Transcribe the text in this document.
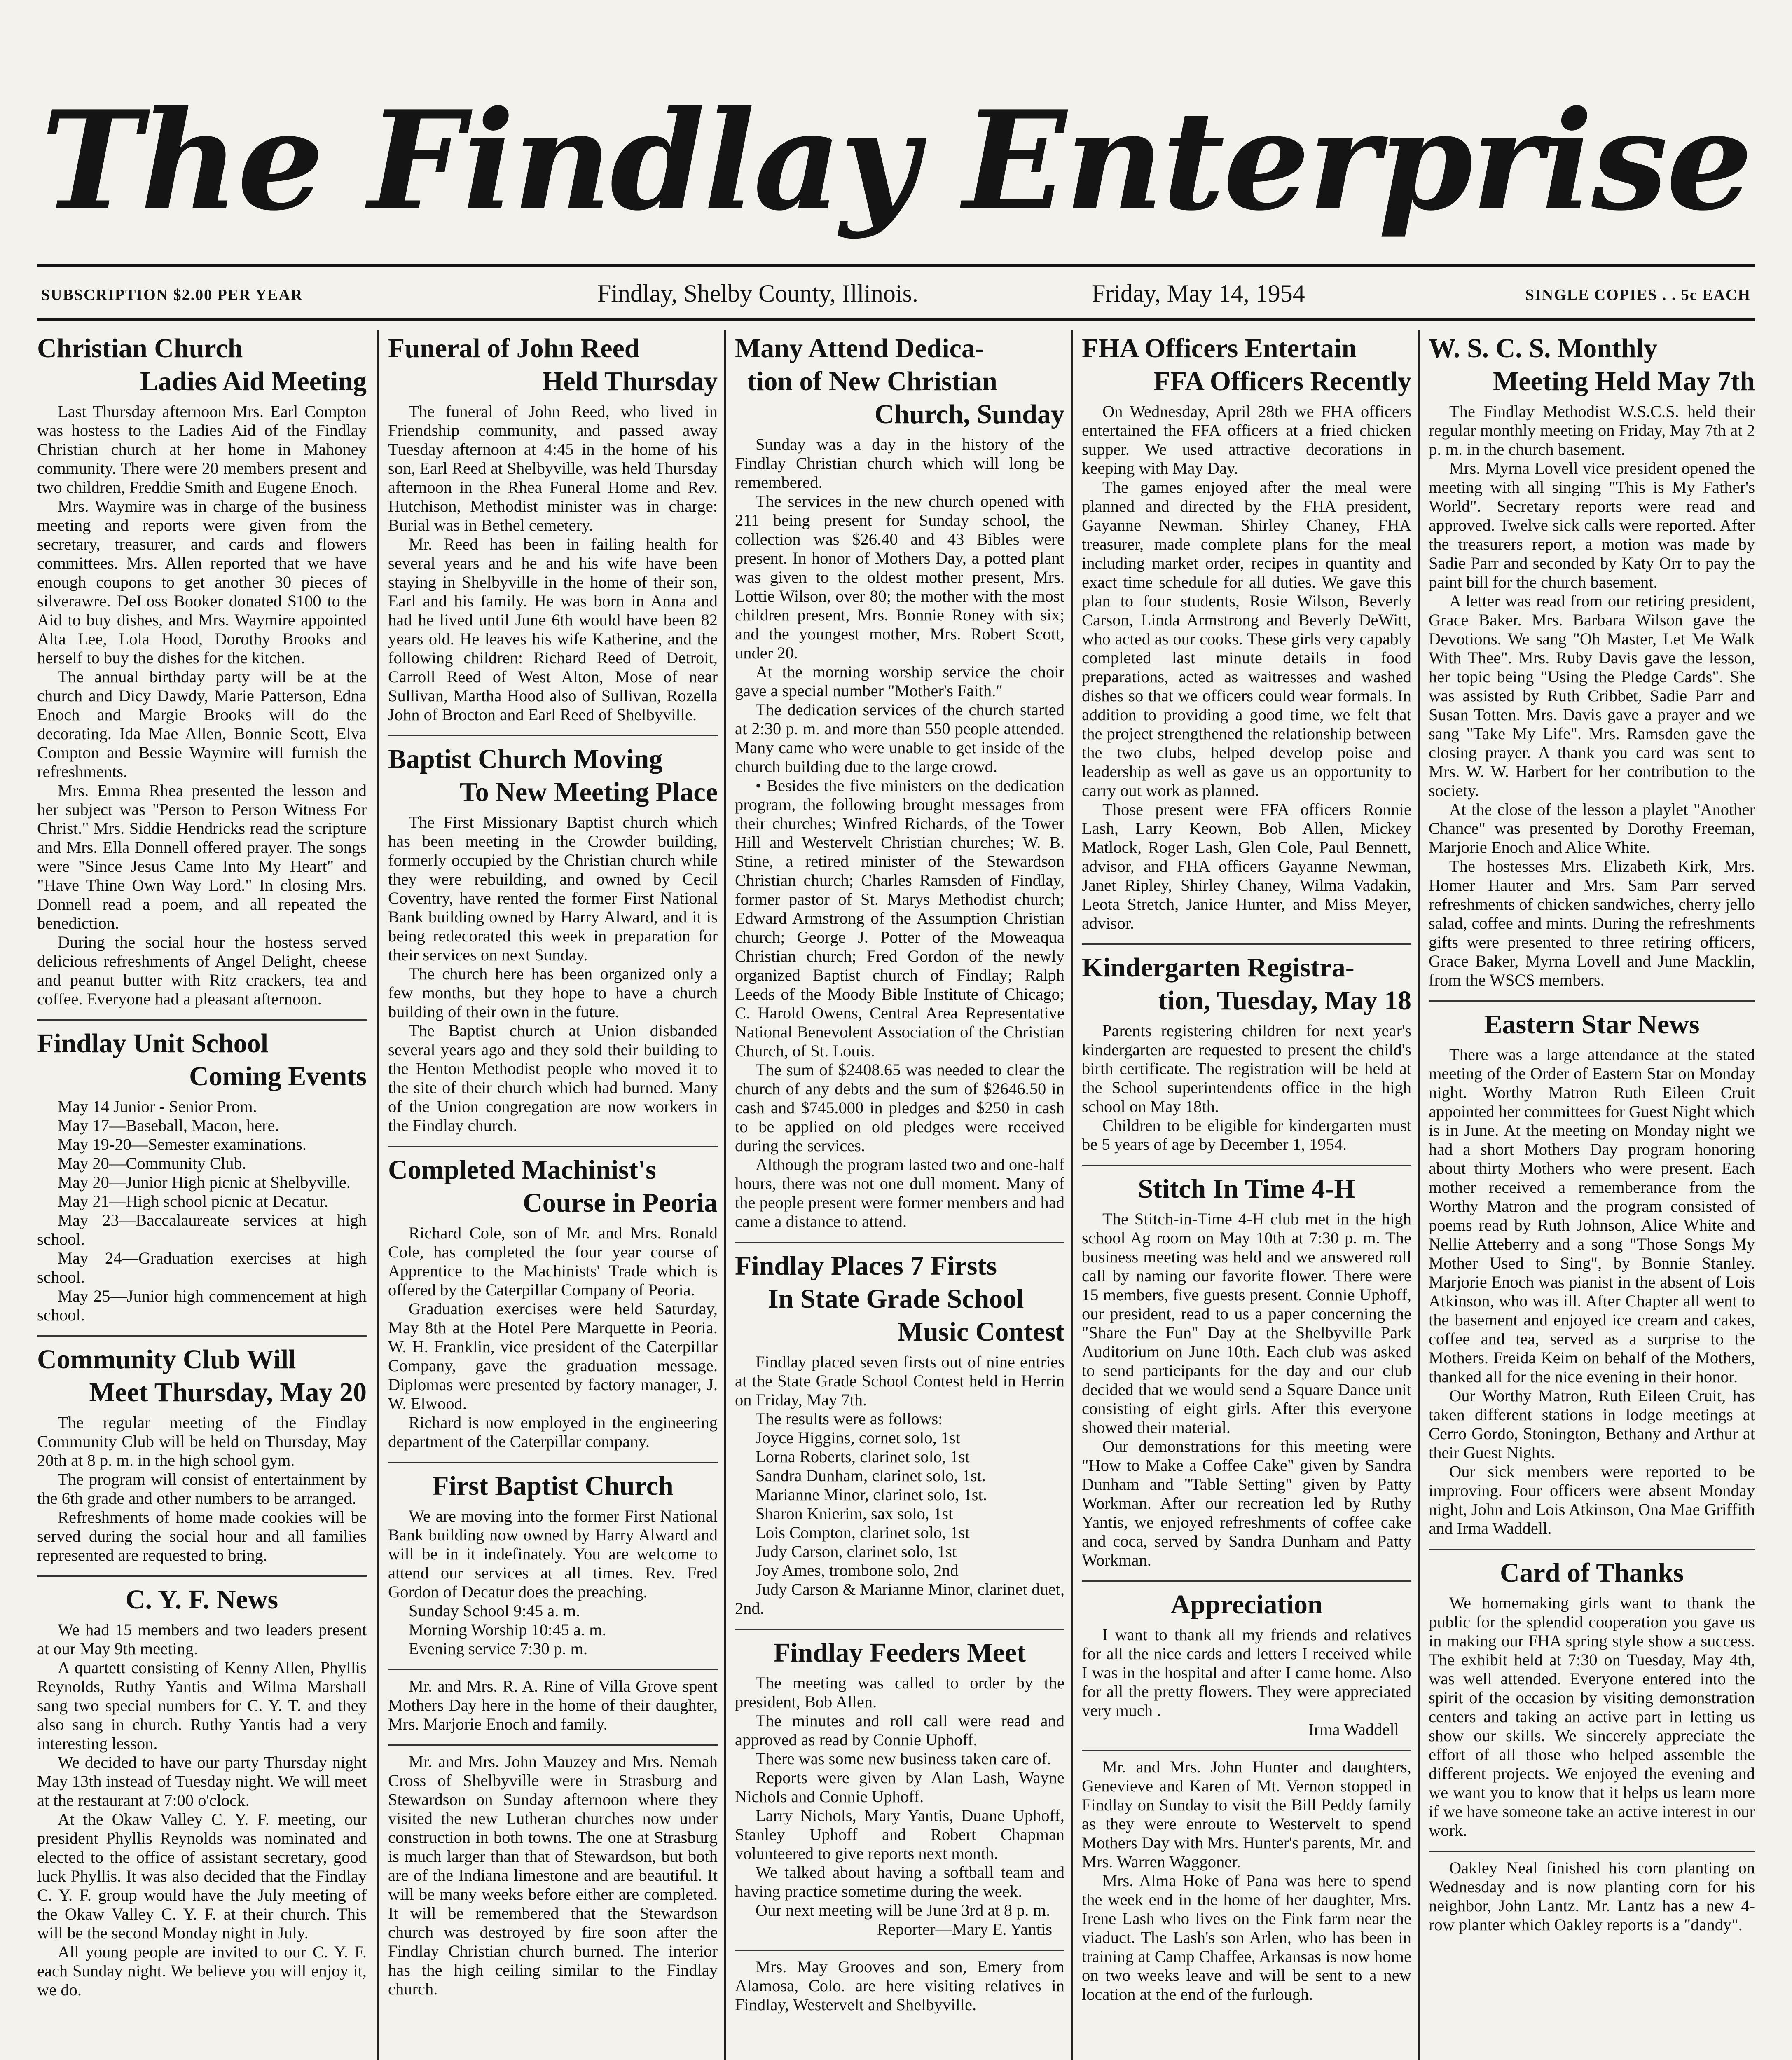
The Findlay Enterprise
SUBSCRIPTION $2.00 PER YEAR	Findlay, Shelby County, Illinois.	Friday, May 14, 1954	SINGLE COPIES . . 5c EACH
Christian Church
Ladies Aid Meeting

Last Thursday afternoon Mrs. Earl Compton was hostess to the Ladies Aid of the Findlay Christian church at her home in Mahoney community. There were 20 members present and two children, Freddie Smith and Eugene Enoch.

Mrs. Waymire was in charge of the business meeting and reports were given from the secretary, treasurer, and cards and flowers committees. Mrs. Allen reported that we have enough coupons to get another 30 pieces of silverawre. DeLoss Booker donated $100 to the Aid to buy dishes, and Mrs. Waymire appointed Alta Lee, Lola Hood, Dorothy Brooks and herself to buy the dishes for the kitchen.

The annual birthday party will be at the church and Dicy Dawdy, Marie Patterson, Edna Enoch and Margie Brooks will do the decorating. Ida Mae Allen, Bonnie Scott, Elva Compton and Bessie Waymire will furnish the refreshments.

Mrs. Emma Rhea presented the lesson and her subject was "Person to Person Witness For Christ." Mrs. Siddie Hendricks read the scripture and Mrs. Ella Donnell offered prayer. The songs were "Since Jesus Came Into My Heart" and "Have Thine Own Way Lord." In closing Mrs. Donnell read a poem, and all repeated the benediction.

During the social hour the hostess served delicious refreshments of Angel Delight, cheese and peanut butter with Ritz crackers, tea and coffee. Everyone had a pleasant afternoon.

Findlay Unit School
Coming Events

May 14 Junior - Senior Prom.

May 17—Baseball, Macon, here.

May 19-20—Semester examinations.

May 20—Community Club.

May 20—Junior High picnic at Shelbyville.

May 21—High school picnic at Decatur.

May 23—Baccalaureate services at high school.

May 24—Graduation exercises at high school.

May 25—Junior high commencement at high school.

Community Club Will
Meet Thursday, May 20

The regular meeting of the Findlay Community Club will be held on Thursday, May 20th at 8 p. m. in the high school gym.

The program will consist of entertainment by the 6th grade and other numbers to be arranged.

Refreshments of home made cookies will be served during the social hour and all families represented are requested to bring.

C. Y. F. News

We had 15 members and two leaders present at our May 9th meeting.

A quartett consisting of Kenny Allen, Phyllis Reynolds, Ruthy Yantis and Wilma Marshall sang two special numbers for C. Y. T. and they also sang in church. Ruthy Yantis had a very interesting lesson.

We decided to have our party Thursday night May 13th instead of Tuesday night. We will meet at the restaurant at 7:00 o'clock.

At the Okaw Valley C. Y. F. meeting, our president Phyllis Reynolds was nominated and elected to the office of assistant secretary, good luck Phyllis. It was also decided that the Findlay C. Y. F. group would have the July meeting of the Okaw Valley C. Y. F. at their church. This will be the second Monday night in July.

All young people are invited to our C. Y. F. each Sunday night. We believe you will enjoy it, we do.

Funeral of John Reed
Held Thursday

The funeral of John Reed, who lived in Friendship community, and passed away Tuesday afternoon at 4:45 in the home of his son, Earl Reed at Shelbyville, was held Thursday afternoon in the Rhea Funeral Home and Rev. Hutchison, Methodist minister was in charge: Burial was in Bethel cemetery.

Mr. Reed has been in failing health for several years and he and his wife have been staying in Shelbyville in the home of their son, Earl and his family. He was born in Anna and had he lived until June 6th would have been 82 years old. He leaves his wife Katherine, and the following children: Richard Reed of Detroit, Carroll Reed of West Alton, Mose of near Sullivan, Martha Hood also of Sullivan, Rozella John of Brocton and Earl Reed of Shelbyville.

Baptist Church Moving
To New Meeting Place

The First Missionary Baptist church which has been meeting in the Crowder building, formerly occupied by the Christian church while they were rebuilding, and owned by Cecil Coventry, have rented the former First National Bank building owned by Harry Alward, and it is being redecorated this week in preparation for their services on next Sunday.

The church here has been organized only a few months, but they hope to have a church building of their own in the future.

The Baptist church at Union disbanded several years ago and they sold their building to the Henton Methodist people who moved it to the site of their church which had burned. Many of the Union congregation are now workers in the Findlay church.

Completed Machinist's
Course in Peoria

Richard Cole, son of Mr. and Mrs. Ronald Cole, has completed the four year course of Apprentice to the Machinists' Trade which is offered by the Caterpillar Company of Peoria.

Graduation exercises were held Saturday, May 8th at the Hotel Pere Marquette in Peoria. W. H. Franklin, vice president of the Caterpillar Company, gave the graduation message. Diplomas were presented by factory manager, J. W. Elwood.

Richard is now employed in the engineering department of the Caterpillar company.

First Baptist Church

We are moving into the former First National Bank building now owned by Harry Alward and will be in it indefinately. You are welcome to attend our services at all times. Rev. Fred Gordon of Decatur does the preaching.

Sunday School 9:45 a. m.

Morning Worship 10:45 a. m.

Evening service 7:30 p. m.

Mr. and Mrs. R. A. Rine of Villa Grove spent Mothers Day here in the home of their daughter, Mrs. Marjorie Enoch and family.

Mr. and Mrs. John Mauzey and Mrs. Nemah Cross of Shelbyville were in Strasburg and Stewardson on Sunday afternoon where they visited the new Lutheran churches now under construction in both towns. The one at Strasburg is much larger than that of Stewardson, but both are of the Indiana limestone and are beautiful. It will be many weeks before either are completed. It will be remembered that the Stewardson church was destroyed by fire soon after the Findlay Christian church burned. The interior has the high ceiling similar to the Findlay church.

Many Attend Dedica-
tion of New Christian
Church, Sunday

Sunday was a day in the history of the Findlay Christian church which will long be remembered.

The services in the new church opened with 211 being present for Sunday school, the collection was $26.40 and 43 Bibles were present. In honor of Mothers Day, a potted plant was given to the oldest mother present, Mrs. Lottie Wilson, over 80; the mother with the most children present, Mrs. Bonnie Roney with six; and the youngest mother, Mrs. Robert Scott, under 20.

At the morning worship service the choir gave a special number "Mother's Faith."

The dedication services of the church started at 2:30 p. m. and more than 550 people attended. Many came who were unable to get inside of the church building due to the large crowd.

• Besides the five ministers on the dedication program, the following brought messages from their churches; Winfred Richards, of the Tower Hill and Westervelt Christian churches; W. B. Stine, a retired minister of the Stewardson Christian church; Charles Ramsden of Findlay, former pastor of St. Marys Methodist church; Edward Armstrong of the Assumption Christian church; George J. Potter of the Moweaqua Christian church; Fred Gordon of the newly organized Baptist church of Findlay; Ralph Leeds of the Moody Bible Institute of Chicago; C. Harold Owens, Central Area Representative National Benevolent Association of the Christian Church, of St. Louis.

The sum of $2408.65 was needed to clear the church of any debts and the sum of $2646.50 in cash and $745.000 in pledges and $250 in cash to be applied on old pledges were received during the services.

Although the program lasted two and one-half hours, there was not one dull moment. Many of the people present were former members and had came a distance to attend.

Findlay Places 7 Firsts
In State Grade School
Music Contest

Findlay placed seven firsts out of nine entries at the State Grade School Contest held in Herrin on Friday, May 7th.

The results were as follows:

Joyce Higgins, cornet solo, 1st

Lorna Roberts, clarinet solo, 1st

Sandra Dunham, clarinet solo, 1st.

Marianne Minor, clarinet solo, 1st.

Sharon Knierim, sax solo, 1st

Lois Compton, clarinet solo, 1st

Judy Carson, clarinet solo, 1st

Joy Ames, trombone solo, 2nd

Judy Carson & Marianne Minor, clarinet duet, 2nd.

Findlay Feeders Meet

The meeting was called to order by the president, Bob Allen.

The minutes and roll call were read and approved as read by Connie Uphoff.

There was some new business taken care of.

Reports were given by Alan Lash, Wayne Nichols and Connie Uphoff.

Larry Nichols, Mary Yantis, Duane Uphoff, Stanley Uphoff and Robert Chapman volunteered to give reports next month.

We talked about having a softball team and having practice sometime during the week.

Our next meeting will be June 3rd at 8 p. m.

Reporter—Mary E. Yantis

Mrs. May Grooves and son, Emery from Alamosa, Colo. are here visiting relatives in Findlay, Westervelt and Shelbyville.

FHA Officers Entertain
FFA Officers Recently

On Wednesday, April 28th we FHA officers entertained the FFA officers at a fried chicken supper. We used attractive decorations in keeping with May Day.

The games enjoyed after the meal were planned and directed by the FHA president, Gayanne Newman. Shirley Chaney, FHA treasurer, made complete plans for the meal including market order, recipes in quantity and exact time schedule for all duties. We gave this plan to four students, Rosie Wilson, Beverly Carson, Linda Armstrong and Beverly DeWitt, who acted as our cooks. These girls very capably completed last minute details in food preparations, acted as waitresses and washed dishes so that we officers could wear formals. In addition to providing a good time, we felt that the project strengthened the relationship between the two clubs, helped develop poise and leadership as well as gave us an opportunity to carry out work as planned.

Those present were FFA officers Ronnie Lash, Larry Keown, Bob Allen, Mickey Matlock, Roger Lash, Glen Cole, Paul Bennett, advisor, and FHA officers Gayanne Newman, Janet Ripley, Shirley Chaney, Wilma Vadakin, Leota Stretch, Janice Hunter, and Miss Meyer, advisor.

Kindergarten Registra-
tion, Tuesday, May 18

Parents registering children for next year's kindergarten are requested to present the child's birth certificate. The registration will be held at the School superintendents office in the high school on May 18th.

Children to be eligible for kindergarten must be 5 years of age by December 1, 1954.

Stitch In Time 4-H

The Stitch-in-Time 4-H club met in the high school Ag room on May 10th at 7:30 p. m. The business meeting was held and we answered roll call by naming our favorite flower. There were 15 members, five guests present. Connie Uphoff, our president, read to us a paper concerning the "Share the Fun" Day at the Shelbyville Park Auditorium on June 10th. Each club was asked to send participants for the day and our club decided that we would send a Square Dance unit consisting of eight girls. After this everyone showed their material.

Our demonstrations for this meeting were "How to Make a Coffee Cake" given by Sandra Dunham and "Table Setting" given by Patty Workman. After our recreation led by Ruthy Yantis, we enjoyed refreshments of coffee cake and coca, served by Sandra Dunham and Patty Workman.

Appreciation

I want to thank all my friends and relatives for all the nice cards and letters I received while I was in the hospital and after I came home. Also for all the pretty flowers. They were appreciated very much .

Irma Waddell

Mr. and Mrs. John Hunter and daughters, Genevieve and Karen of Mt. Vernon stopped in Findlay on Sunday to visit the Bill Peddy family as they were enroute to Westervelt to spend Mothers Day with Mrs. Hunter's parents, Mr. and Mrs. Warren Waggoner.

Mrs. Alma Hoke of Pana was here to spend the week end in the home of her daughter, Mrs. Irene Lash who lives on the Fink farm near the viaduct. The Lash's son Arlen, who has been in training at Camp Chaffee, Arkansas is now home on two weeks leave and will be sent to a new location at the end of the furlough.

W. S. C. S. Monthly
Meeting Held May 7th

The Findlay Methodist W.S.C.S. held their regular monthly meeting on Friday, May 7th at 2 p. m. in the church basement.

Mrs. Myrna Lovell vice president opened the meeting with all singing "This is My Father's World". Secretary reports were read and approved. Twelve sick calls were reported. After the treasurers report, a motion was made by Sadie Parr and seconded by Katy Orr to pay the paint bill for the church basement.

A letter was read from our retiring president, Grace Baker. Mrs. Barbara Wilson gave the Devotions. We sang "Oh Master, Let Me Walk With Thee". Mrs. Ruby Davis gave the lesson, her topic being "Using the Pledge Cards". She was assisted by Ruth Cribbet, Sadie Parr and Susan Totten. Mrs. Davis gave a prayer and we sang "Take My Life". Mrs. Ramsden gave the closing prayer. A thank you card was sent to Mrs. W. W. Harbert for her contribution to the society.

At the close of the lesson a playlet "Another Chance" was presented by Dorothy Freeman, Marjorie Enoch and Alice White.

The hostesses Mrs. Elizabeth Kirk, Mrs. Homer Hauter and Mrs. Sam Parr served refreshments of chicken sandwiches, cherry jello salad, coffee and mints. During the refreshments gifts were presented to three retiring officers, Grace Baker, Myrna Lovell and June Macklin, from the WSCS members.

Eastern Star News

There was a large attendance at the stated meeting of the Order of Eastern Star on Monday night. Worthy Matron Ruth Eileen Cruit appointed her committees for Guest Night which is in June. At the meeting on Monday night we had a short Mothers Day program honoring about thirty Mothers who were present. Each mother received a rememberance from the Worthy Matron and the program consisted of poems read by Ruth Johnson, Alice White and Nellie Atteberry and a song "Those Songs My Mother Used to Sing", by Bonnie Stanley. Marjorie Enoch was pianist in the absent of Lois Atkinson, who was ill. After Chapter all went to the basement and enjoyed ice cream and cakes, coffee and tea, served as a surprise to the Mothers. Freida Keim on behalf of the Mothers, thanked all for the nice evening in their honor.

Our Worthy Matron, Ruth Eileen Cruit, has taken different stations in lodge meetings at Cerro Gordo, Stonington, Bethany and Arthur at their Guest Nights.

Our sick members were reported to be improving. Four officers were absent Monday night, John and Lois Atkinson, Ona Mae Griffith and Irma Waddell.

Card of Thanks

We homemaking girls want to thank the public for the splendid cooperation you gave us in making our FHA spring style show a success. The exhibit held at 7:30 on Tuesday, May 4th, was well attended. Everyone entered into the spirit of the occasion by visiting demonstration centers and taking an active part in letting us show our skills. We sincerely appreciate the effort of all those who helped assemble the different projects. We enjoyed the evening and we want you to know that it helps us learn more if we have someone take an active interest in our work.

Oakley Neal finished his corn planting on Wednesday and is now planting corn for his neighbor, John Lantz. Mr. Lantz has a new 4-row planter which Oakley reports is a "dandy".
